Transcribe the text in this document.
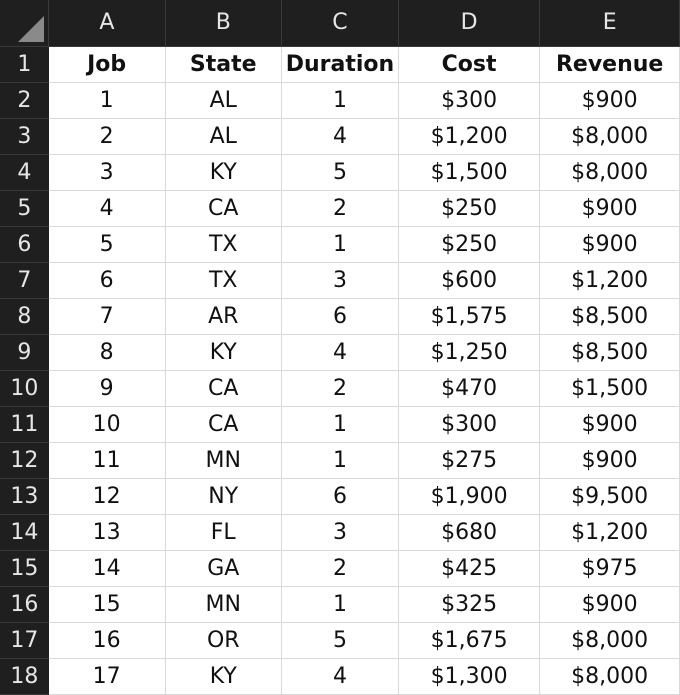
	A	B	C	D	E
1	Job	State	Duration	Cost	Revenue
2	1	AL	1	$300	$900
3	2	AL	4	$1,200	$8,000
4	3	KY	5	$1,500	$8,000
5	4	CA	2	$250	$900
6	5	TX	1	$250	$900
7	6	TX	3	$600	$1,200
8	7	AR	6	$1,575	$8,500
9	8	KY	4	$1,250	$8,500
10	9	CA	2	$470	$1,500
11	10	CA	1	$300	$900
12	11	MN	1	$275	$900
13	12	NY	6	$1,900	$9,500
14	13	FL	3	$680	$1,200
15	14	GA	2	$425	$975
16	15	MN	1	$325	$900
17	16	OR	5	$1,675	$8,000
18	17	KY	4	$1,300	$8,000
